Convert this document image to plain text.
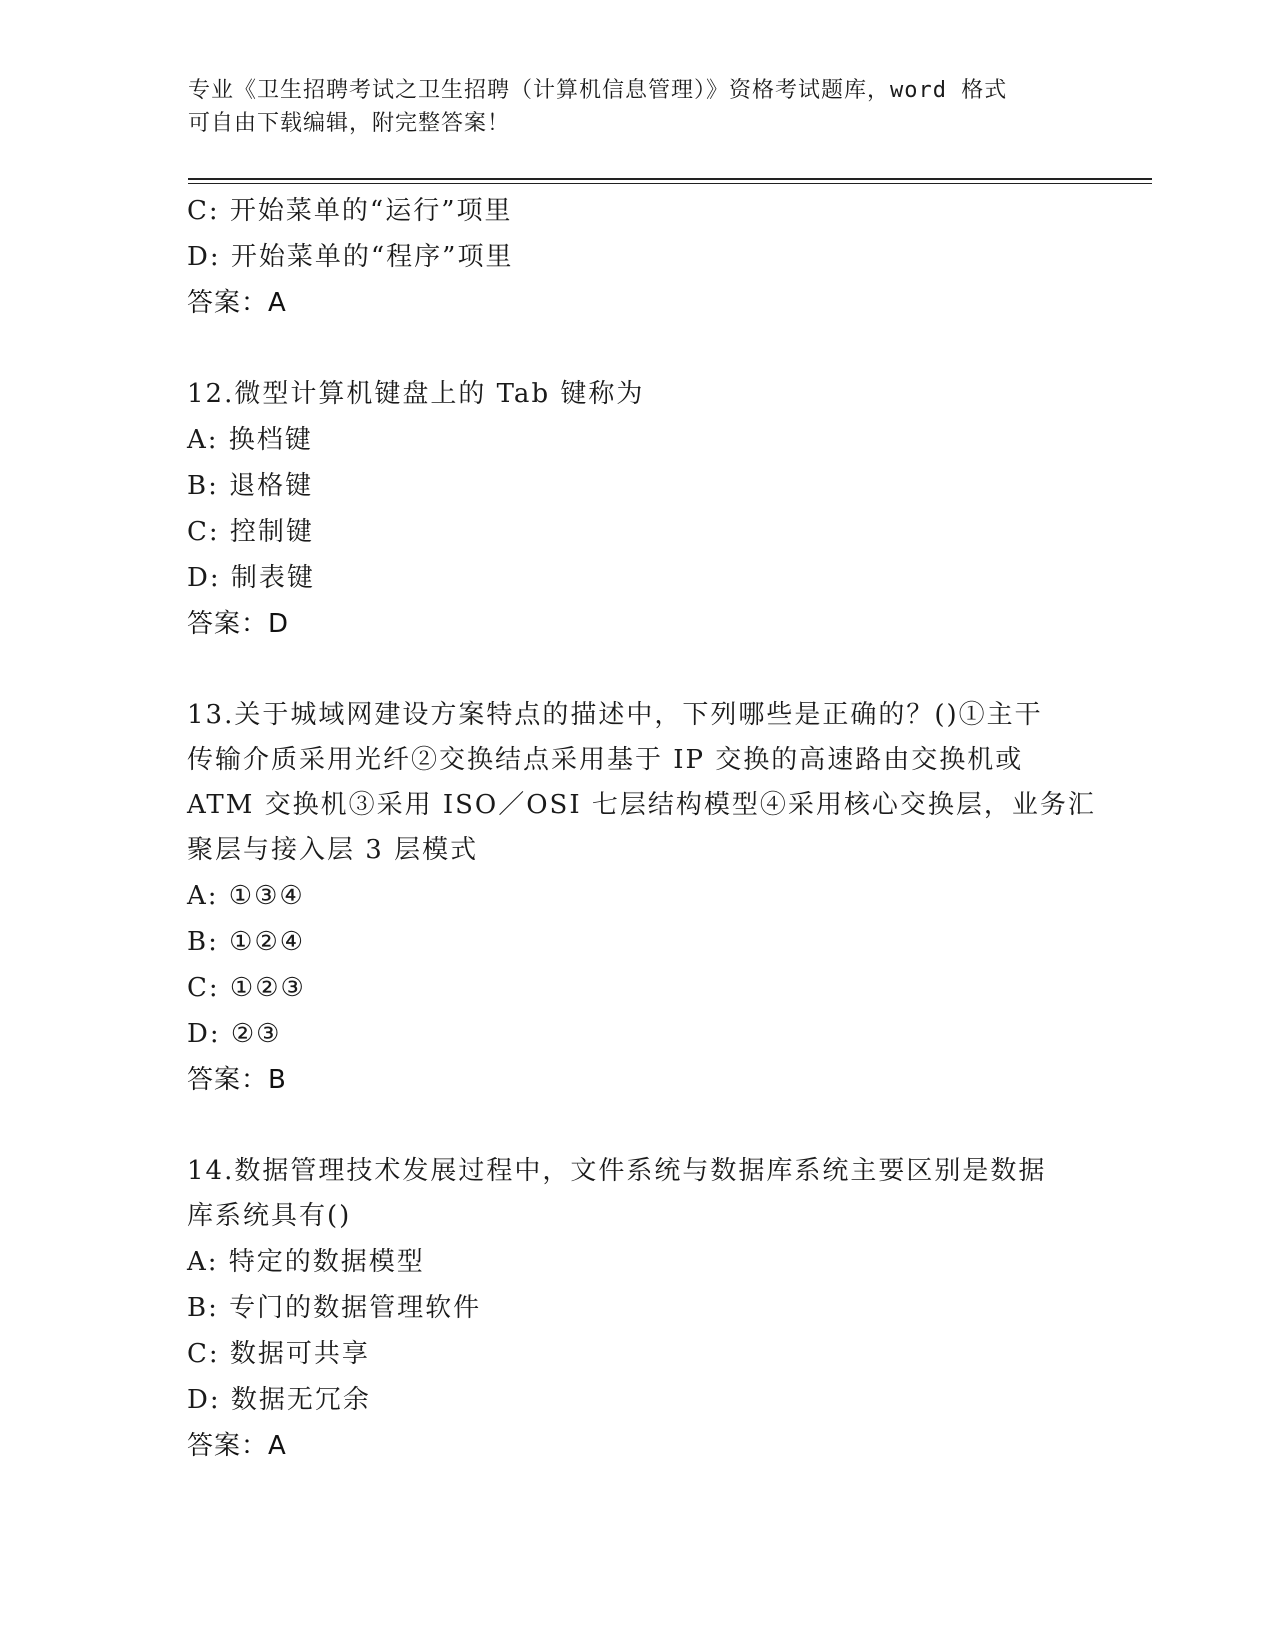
专业《卫生招聘考试之卫生招聘（计算机信息管理）》资格考试题库，word 格式
可自由下载编辑，附完整答案！
C: 开始菜单的“运行”项里
D: 开始菜单的“程序”项里
答案：A
12.微型计算机键盘上的 Tab 键称为
A: 换档键
B: 退格键
C: 控制键
D: 制表键
答案：D
13.关于城域网建设方案特点的描述中，下列哪些是正确的？()①主干
传输介质采用光纤②交换结点采用基于 IP 交换的高速路由交换机或
ATM 交换机③采用 ISO／OSI 七层结构模型④采用核心交换层，业务汇
聚层与接入层 3 层模式
A: ①③④
B: ①②④
C: ①②③
D: ②③
答案：B
14.数据管理技术发展过程中，文件系统与数据库系统主要区别是数据
库系统具有()
A: 特定的数据模型
B: 专门的数据管理软件
C: 数据可共享
D: 数据无冗余
答案：A
